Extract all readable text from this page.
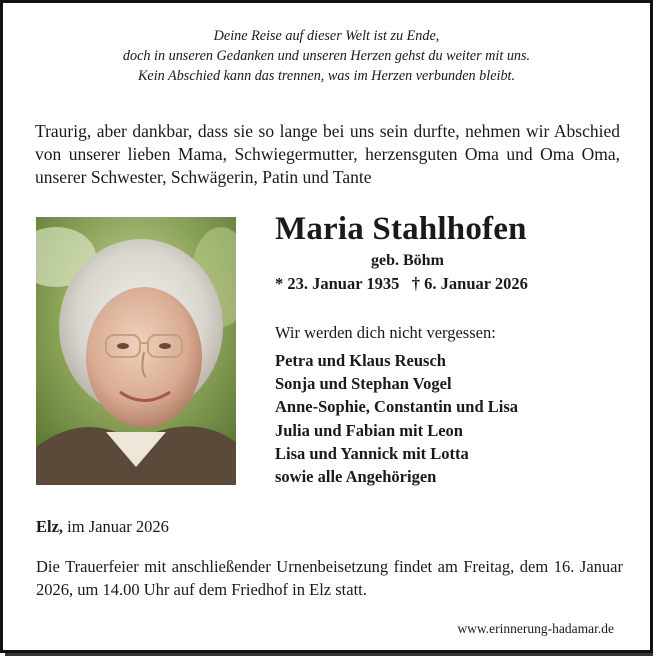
Deine Reise auf dieser Welt ist zu Ende,
doch in unseren Gedanken und unseren Herzen gehst du weiter mit uns.
Kein Abschied kann das trennen, was im Herzen verbunden bleibt.
Traurig, aber dankbar, dass sie so lange bei uns sein durfte, nehmen wir Abschied von unserer lieben Mama, Schwiegermutter, herzensguten Oma und Oma Oma, unserer Schwester, Schwägerin, Patin und Tante
Maria Stahlhofen
geb. Böhm
* 23. Januar 1935 † 6. Januar 2026
Wir werden dich nicht vergessen:
Petra und Klaus Reusch
Sonja und Stephan Vogel
Anne-Sophie, Constantin und Lisa
Julia und Fabian mit Leon
Lisa und Yannick mit Lotta
sowie alle Angehörigen
Elz, im Januar 2026
Die Trauerfeier mit anschließender Urnenbeisetzung findet am Freitag, dem 16. Januar 2026, um 14.00 Uhr auf dem Friedhof in Elz statt.
www.erinnerung-hadamar.de
